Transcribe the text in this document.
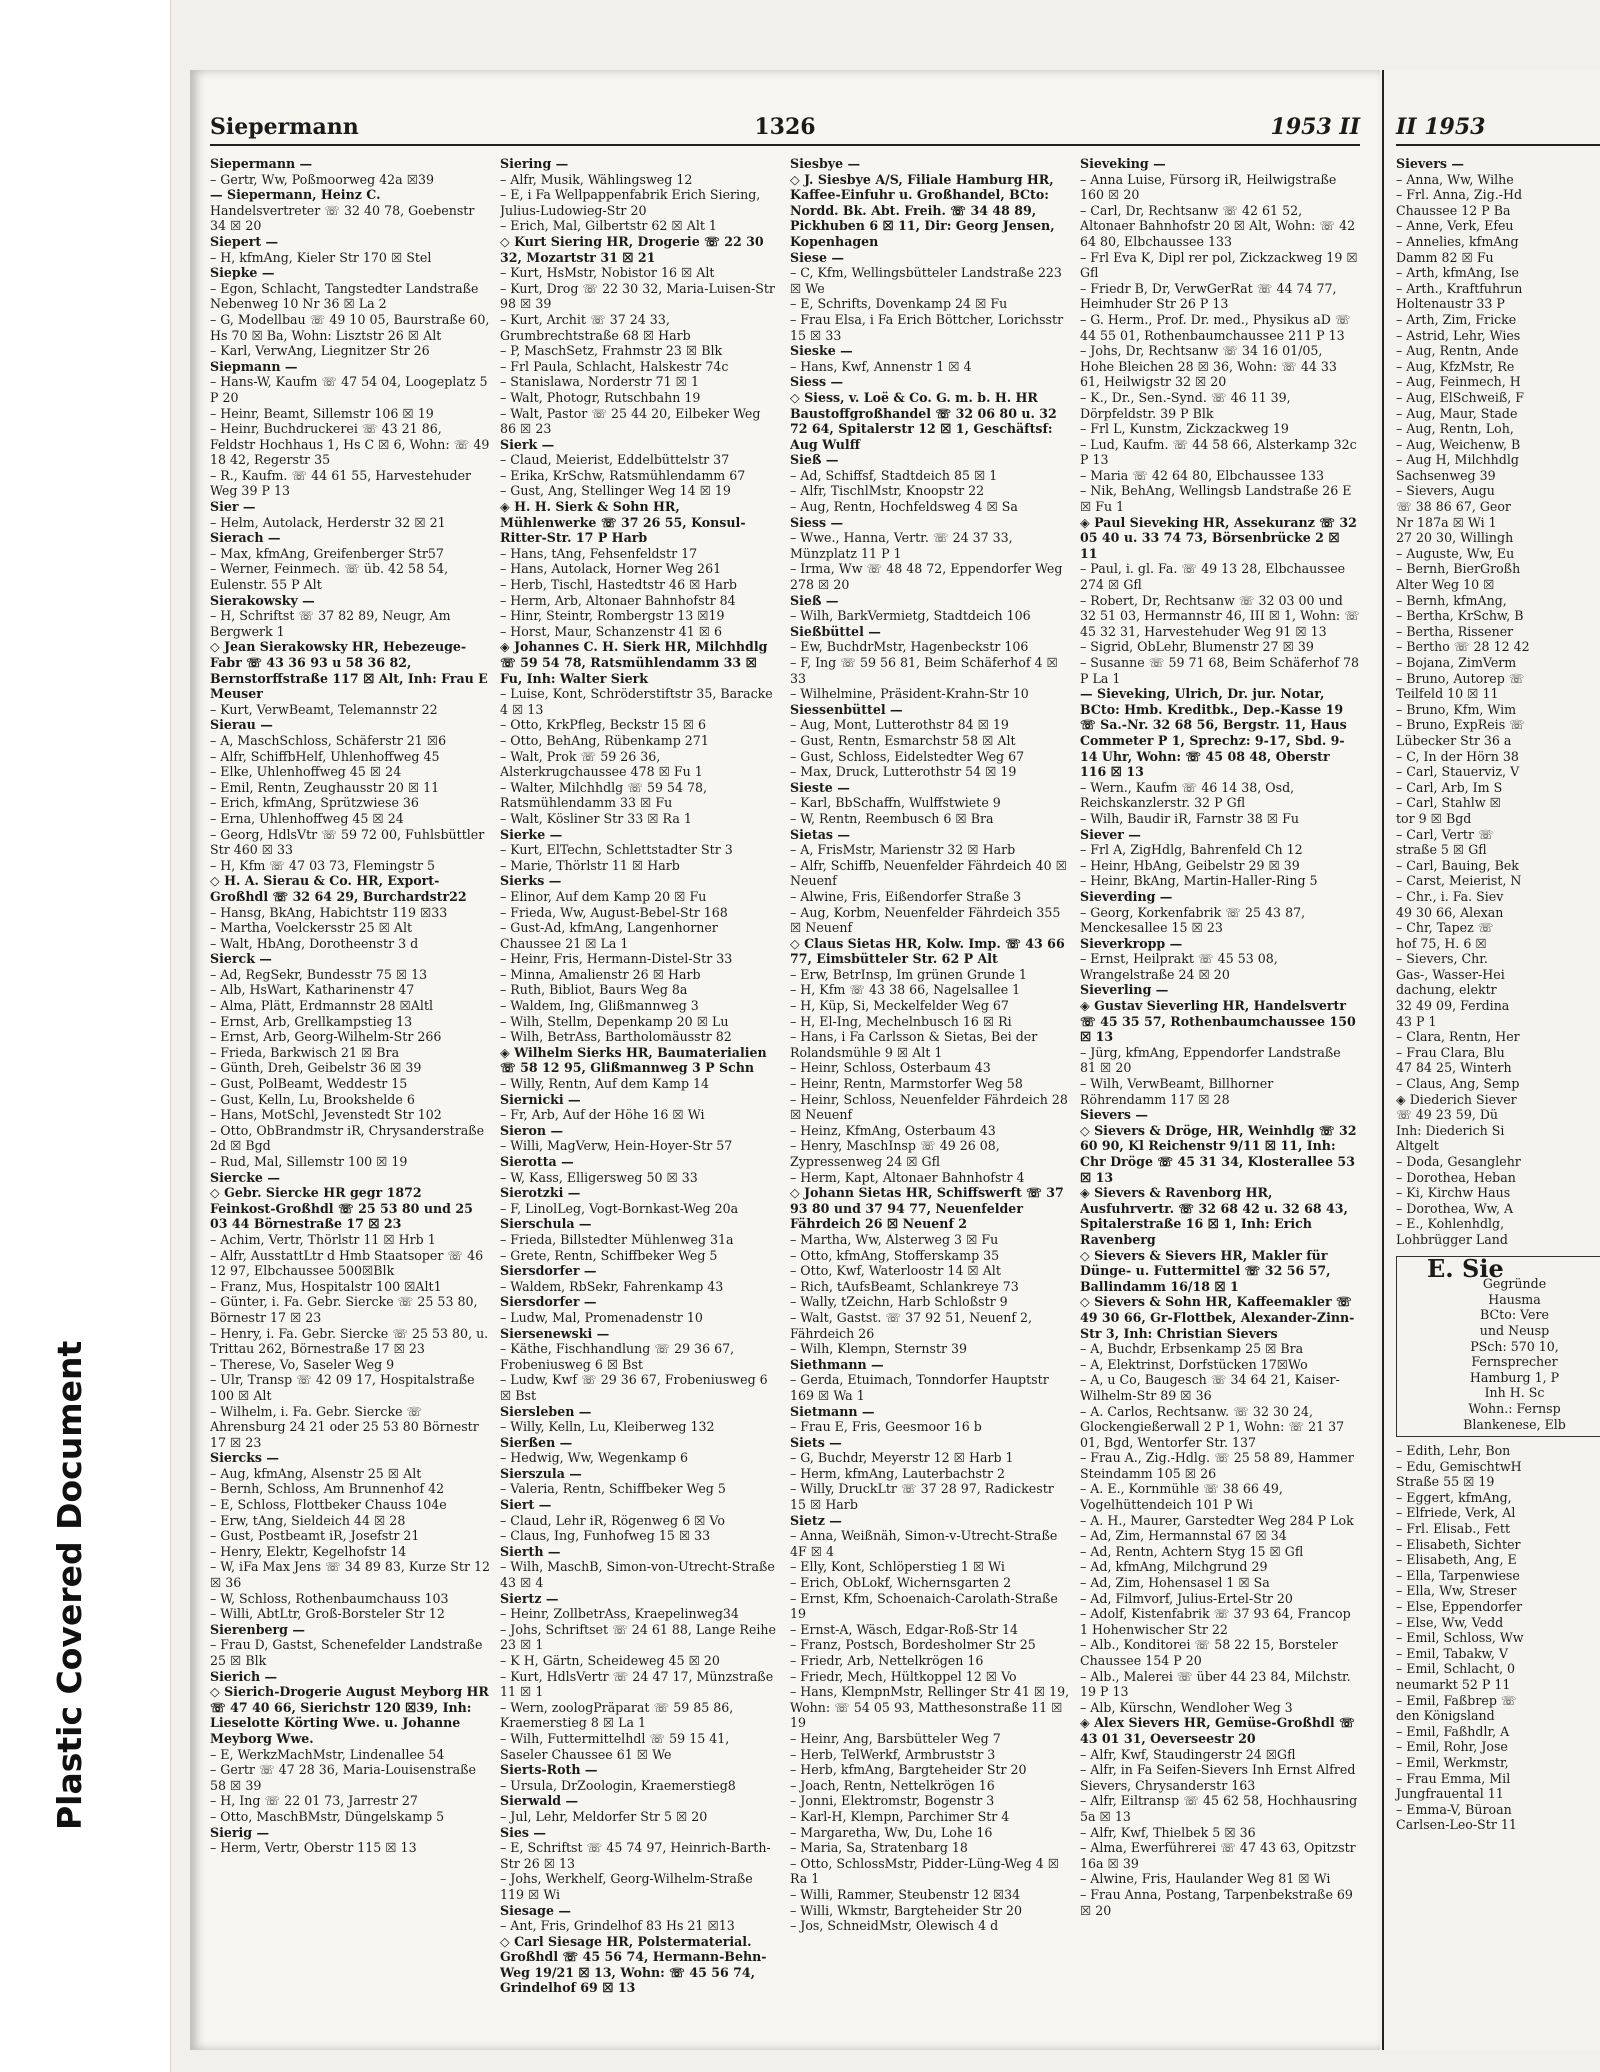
Plastic Covered Document
Siepermann	1326	1953 II

Siepermann —

– Gertr, Ww, Poßmoorweg 42a ☒39

— Siepermann, Heinz C.

Handelsvertreter ☏ 32 40 78, Goebenstr 34 ☒ 20

Siepert —

– H, kfmAng, Kieler Str 170 ☒ Stel

Siepke —

– Egon, Schlacht, Tangstedter Landstraße Nebenweg 10 Nr 36 ☒ La 2

– G, Modellbau ☏ 49 10 05, Baurstraße 60, Hs 70 ☒ Ba, Wohn: Lisztstr 26 ☒ Alt

– Karl, VerwAng, Liegnitzer Str 26

Siepmann —

– Hans-W, Kaufm ☏ 47 54 04, Loogeplatz 5 P 20

– Heinr, Beamt, Sillemstr 106 ☒ 19

– Heinr, Buchdruckerei ☏ 43 21 86, Feldstr Hochhaus 1, Hs C ☒ 6, Wohn: ☏ 49 18 42, Regerstr 35

– R., Kaufm. ☏ 44 61 55, Harvestehuder Weg 39 P 13

Sier —

– Helm, Autolack, Herderstr 32 ☒ 21

Sierach —

– Max, kfmAng, Greifenberger Str57

– Werner, Feinmech. ☏ üb. 42 58 54, Eulenstr. 55 P Alt

Sierakowsky —

– H, Schriftst ☏ 37 82 89, Neugr, Am Bergwerk 1

◇ Jean Sierakowsky HR, Hebezeuge-Fabr ☏ 43 36 93 u 58 36 82, Bernstorffstraße 117 ☒ Alt, Inh: Frau E Meuser

– Kurt, VerwBeamt, Telemannstr 22

Sierau —

– A, MaschSchloss, Schäferstr 21 ☒6

– Alfr, SchiffbHelf, Uhlenhoffweg 45

– Elke, Uhlenhoffweg 45 ☒ 24

– Emil, Rentn, Zeughausstr 20 ☒ 11

– Erich, kfmAng, Sprützwiese 36

– Erna, Uhlenhoffweg 45 ☒ 24

– Georg, HdlsVtr ☏ 59 72 00, Fuhlsbüttler Str 460 ☒ 33

– H, Kfm ☏ 47 03 73, Flemingstr 5

◇ H. A. Sierau & Co. HR, Export-Großhdl ☏ 32 64 29, Burchardstr22

– Hansg, BkAng, Habichtstr 119 ☒33

– Martha, Voelckersstr 25 ☒ Alt

– Walt, HbAng, Dorotheenstr 3 d

Sierck —

– Ad, RegSekr, Bundesstr 75 ☒ 13

– Alb, HsWart, Katharinenstr 47

– Alma, Plätt, Erdmannstr 28 ☒Altl

– Ernst, Arb, Grellkampstieg 13

– Ernst, Arb, Georg-Wilhelm-Str 266

– Frieda, Barkwisch 21 ☒ Bra

– Günth, Dreh, Geibelstr 36 ☒ 39

– Gust, PolBeamt, Weddestr 15

– Gust, Kelln, Lu, Brookshelde 6

– Hans, MotSchl, Jevenstedt Str 102

– Otto, ObBrandmstr iR, Chrysanderstraße 2d ☒ Bgd

– Rud, Mal, Sillemstr 100 ☒ 19

Siercke —

◇ Gebr. Siercke HR gegr 1872 Feinkost-Großhdl ☏ 25 53 80 und 25 03 44 Börnestraße 17 ☒ 23

– Achim, Vertr, Thörlstr 11 ☒ Hrb 1

– Alfr, AusstattLtr d Hmb Staatsoper ☏ 46 12 97, Elbchaussee 500☒Blk

– Franz, Mus, Hospitalstr 100 ☒Alt1

– Günter, i. Fa. Gebr. Siercke ☏ 25 53 80, Börnestr 17 ☒ 23

– Henry, i. Fa. Gebr. Siercke ☏ 25 53 80, u. Trittau 262, Börnestraße 17 ☒ 23

– Therese, Vo, Saseler Weg 9

– Ulr, Transp ☏ 42 09 17, Hospitalstraße 100 ☒ Alt

– Wilhelm, i. Fa. Gebr. Siercke ☏ Ahrensburg 24 21 oder 25 53 80 Börnestr 17 ☒ 23

Siercks —

– Aug, kfmAng, Alsenstr 25 ☒ Alt

– Bernh, Schloss, Am Brunnenhof 42

– E, Schloss, Flottbeker Chauss 104e

– Erw, tAng, Sieldeich 44 ☒ 28

– Gust, Postbeamt iR, Josefstr 21

– Henry, Elektr, Kegelhofstr 14

– W, iFa Max Jens ☏ 34 89 83, Kurze Str 12 ☒ 36

– W, Schloss, Rothenbaumchauss 103

– Willi, AbtLtr, Groß-Borsteler Str 12

Sierenberg —

– Frau D, Gastst, Schenefelder Landstraße 25 ☒ Blk

Sierich —

◇ Sierich-Drogerie August Meyborg HR ☏ 47 40 66, Sierichstr 120 ☒39, Inh: Lieselotte Körting Wwe. u. Johanne Meyborg Wwe.

– E, WerkzMachMstr, Lindenallee 54

– Gertr ☏ 47 28 36, Maria-Louisenstraße 58 ☒ 39

– H, Ing ☏ 22 01 73, Jarrestr 27

– Otto, MaschBMstr, Düngelskamp 5

Sierig —

– Herm, Vertr, Oberstr 115 ☒ 13

Siering —

– Alfr, Musik, Wählingsweg 12

– E, i Fa Wellpappenfabrik Erich Siering, Julius-Ludowieg-Str 20

– Erich, Mal, Gilbertstr 62 ☒ Alt 1

◇ Kurt Siering HR, Drogerie ☏ 22 30 32, Mozartstr 31 ☒ 21

– Kurt, HsMstr, Nobistor 16 ☒ Alt

– Kurt, Drog ☏ 22 30 32, Maria-Luisen-Str 98 ☒ 39

– Kurt, Archit ☏ 37 24 33, Grumbrechtstraße 68 ☒ Harb

– P, MaschSetz, Frahmstr 23 ☒ Blk

– Frl Paula, Schlacht, Halskestr 74c

– Stanislawa, Norderstr 71 ☒ 1

– Walt, Photogr, Rutschbahn 19

– Walt, Pastor ☏ 25 44 20, Eilbeker Weg 86 ☒ 23

Sierk —

– Claud, Meierist, Eddelbüttelstr 37

– Erika, KrSchw, Ratsmühlendamm 67

– Gust, Ang, Stellinger Weg 14 ☒ 19

◈ H. H. Sierk & Sohn HR, Mühlenwerke ☏ 37 26 55, Konsul-Ritter-Str. 17 P Harb

– Hans, tAng, Fehsenfeldstr 17

– Hans, Autolack, Horner Weg 261

– Herb, Tischl, Hastedtstr 46 ☒ Harb

– Herm, Arb, Altonaer Bahnhofstr 84

– Hinr, Steintr, Rombergstr 13 ☒19

– Horst, Maur, Schanzenstr 41 ☒ 6

◈ Johannes C. H. Sierk HR, Milchhdlg ☏ 59 54 78, Ratsmühlendamm 33 ☒ Fu, Inh: Walter Sierk

– Luise, Kont, Schröderstiftstr 35, Baracke 4 ☒ 13

– Otto, KrkPfleg, Beckstr 15 ☒ 6

– Otto, BehAng, Rübenkamp 271

– Walt, Prok ☏ 59 26 36, Alsterkrugchaussee 478 ☒ Fu 1

– Walter, Milchhdlg ☏ 59 54 78, Ratsmühlendamm 33 ☒ Fu

– Walt, Kösliner Str 33 ☒ Ra 1

Sierke —

– Kurt, ElTechn, Schlettstadter Str 3

– Marie, Thörlstr 11 ☒ Harb

Sierks —

– Elinor, Auf dem Kamp 20 ☒ Fu

– Frieda, Ww, August-Bebel-Str 168

– Gust-Ad, kfmAng, Langenhorner Chaussee 21 ☒ La 1

– Heinr, Fris, Hermann-Distel-Str 33

– Minna, Amalienstr 26 ☒ Harb

– Ruth, Bibliot, Baurs Weg 8a

– Waldem, Ing, Glißmannweg 3

– Wilh, Stellm, Depenkamp 20 ☒ Lu

– Wilh, BetrAss, Bartholomäusstr 82

◈ Wilhelm Sierks HR, Baumaterialien ☏ 58 12 95, Glißmannweg 3 P Schn

– Willy, Rentn, Auf dem Kamp 14

Siernicki —

– Fr, Arb, Auf der Höhe 16 ☒ Wi

Sieron —

– Willi, MagVerw, Hein-Hoyer-Str 57

Sierotta —

– W, Kass, Elligersweg 50 ☒ 33

Sierotzki —

– F, LinolLeg, Vogt-Bornkast-Weg 20a

Sierschula —

– Frieda, Billstedter Mühlenweg 31a

– Grete, Rentn, Schiffbeker Weg 5

Siersdorfer —

– Waldem, RbSekr, Fahrenkamp 43

Siersdorfer —

– Ludw, Mal, Promenadenstr 10

Siersenewski —

– Käthe, Fischhandlung ☏ 29 36 67, Frobeniusweg 6 ☒ Bst

– Ludw, Kwf ☏ 29 36 67, Frobeniusweg 6 ☒ Bst

Siersleben —

– Willy, Kelln, Lu, Kleiberweg 132

Sierßen —

– Hedwig, Ww, Wegenkamp 6

Sierszula —

– Valeria, Rentn, Schiffbeker Weg 5

Siert —

– Claud, Lehr iR, Rögenweg 6 ☒ Vo

– Claus, Ing, Funhofweg 15 ☒ 33

Sierth —

– Wilh, MaschB, Simon-von-Utrecht-Straße 43 ☒ 4

Siertz —

– Heinr, ZollbetrAss, Kraepelinweg34

– Johs, Schriftset ☏ 24 61 88, Lange Reihe 23 ☒ 1

– K H, Gärtn, Scheideweg 45 ☒ 20

– Kurt, HdlsVertr ☏ 24 47 17, Münzstraße 11 ☒ 1

– Wern, zoologPräparat ☏ 59 85 86, Kraemerstieg 8 ☒ La 1

– Wilh, Futtermittelhdl ☏ 59 15 41, Saseler Chaussee 61 ☒ We

Sierts-Roth —

– Ursula, DrZoologin, Kraemerstieg8

Sierwald —

– Jul, Lehr, Meldorfer Str 5 ☒ 20

Sies —

– E, Schriftst ☏ 45 74 97, Heinrich-Barth-Str 26 ☒ 13

– Johs, Werkhelf, Georg-Wilhelm-Straße 119 ☒ Wi

Siesage —

– Ant, Fris, Grindelhof 83 Hs 21 ☒13

◇ Carl Siesage HR, Polstermaterial. Großhdl ☏ 45 56 74, Hermann-Behn-Weg 19/21 ☒ 13, Wohn: ☏ 45 56 74, Grindelhof 69 ☒ 13

Siesbye —

◇ J. Siesbye A/S, Filiale Hamburg HR, Kaffee-Einfuhr u. Großhandel, BCto: Nordd. Bk. Abt. Freih. ☏ 34 48 89, Pickhuben 6 ☒ 11, Dir: Georg Jensen, Kopenhagen

Siese —

– C, Kfm, Wellingsbütteler Landstraße 223 ☒ We

– E, Schrifts, Dovenkamp 24 ☒ Fu

– Frau Elsa, i Fa Erich Böttcher, Lorichsstr 15 ☒ 33

Sieske —

– Hans, Kwf, Annenstr 1 ☒ 4

Siess —

◇ Siess, v. Loë & Co. G. m. b. H. HR Baustoffgroßhandel ☏ 32 06 80 u. 32 72 64, Spitalerstr 12 ☒ 1, Geschäftsf: Aug Wulff

Sieß —

– Ad, Schiffsf, Stadtdeich 85 ☒ 1

– Alfr, TischlMstr, Knoopstr 22

– Aug, Rentn, Hochfeldsweg 4 ☒ Sa

Siess —

– Wwe., Hanna, Vertr. ☏ 24 37 33, Münzplatz 11 P 1

– Irma, Ww ☏ 48 48 72, Eppendorfer Weg 278 ☒ 20

Sieß —

– Wilh, BarkVermietg, Stadtdeich 106

Sießbüttel —

– Ew, BuchdrMstr, Hagenbeckstr 106

– F, Ing ☏ 59 56 81, Beim Schäferhof 4 ☒ 33

– Wilhelmine, Präsident-Krahn-Str 10

Siessenbüttel —

– Aug, Mont, Lutterothstr 84 ☒ 19

– Gust, Rentn, Esmarchstr 58 ☒ Alt

– Gust, Schloss, Eidelstedter Weg 67

– Max, Druck, Lutterothstr 54 ☒ 19

Sieste —

– Karl, BbSchaffn, Wulffstwiete 9

– W, Rentn, Reembusch 6 ☒ Bra

Sietas —

– A, FrisMstr, Marienstr 32 ☒ Harb

– Alfr, Schiffb, Neuenfelder Fährdeich 40 ☒ Neuenf

– Alwine, Fris, Eißendorfer Straße 3

– Aug, Korbm, Neuenfelder Fährdeich 355 ☒ Neuenf

◇ Claus Sietas HR, Kolw. Imp. ☏ 43 66 77, Eimsbütteler Str. 62 P Alt

– Erw, BetrInsp, Im grünen Grunde 1

– H, Kfm ☏ 43 38 66, Nagelsallee 1

– H, Küp, Si, Meckelfelder Weg 67

– H, El-Ing, Mechelnbusch 16 ☒ Ri

– Hans, i Fa Carlsson & Sietas, Bei der Rolandsmühle 9 ☒ Alt 1

– Heinr, Schloss, Osterbaum 43

– Heinr, Rentn, Marmstorfer Weg 58

– Heinr, Schloss, Neuenfelder Fährdeich 28 ☒ Neuenf

– Heinz, KfmAng, Osterbaum 43

– Henry, MaschInsp ☏ 49 26 08, Zypressenweg 24 ☒ Gfl

– Herm, Kapt, Altonaer Bahnhofstr 4

◇ Johann Sietas HR, Schiffswerft ☏ 37 93 80 und 37 94 77, Neuenfelder Fährdeich 26 ☒ Neuenf 2

– Martha, Ww, Alsterweg 3 ☒ Fu

– Otto, kfmAng, Stofferskamp 35

– Otto, Kwf, Waterloostr 14 ☒ Alt

– Rich, tAufsBeamt, Schlankreye 73

– Wally, tZeichn, Harb Schloßstr 9

– Walt, Gastst. ☏ 37 92 51, Neuenf 2, Fährdeich 26

– Wilh, Klempn, Sternstr 39

Siethmann —

– Gerda, Etuimach, Tonndorfer Hauptstr 169 ☒ Wa 1

Sietmann —

– Frau E, Fris, Geesmoor 16 b

Siets —

– G, Buchdr, Meyerstr 12 ☒ Harb 1

– Herm, kfmAng, Lauterbachstr 2

– Willy, DruckLtr ☏ 37 28 97, Radickestr 15 ☒ Harb

Sietz —

– Anna, Weißnäh, Simon-v-Utrecht-Straße 4F ☒ 4

– Elly, Kont, Schlöperstieg 1 ☒ Wi

– Erich, ObLokf, Wichernsgarten 2

– Ernst, Kfm, Schoenaich-Carolath-Straße 19

– Ernst-A, Wäsch, Edgar-Roß-Str 14

– Franz, Postsch, Bordesholmer Str 25

– Friedr, Arb, Nettelkrögen 16

– Friedr, Mech, Hültkoppel 12 ☒ Vo

– Hans, KlempnMstr, Rellinger Str 41 ☒ 19, Wohn: ☏ 54 05 93, Matthesonstraße 11 ☒ 19

– Heinr, Ang, Barsbütteler Weg 7

– Herb, TelWerkf, Armbruststr 3

– Herb, kfmAng, Bargteheider Str 20

– Joach, Rentn, Nettelkrögen 16

– Jonni, Elektromstr, Bogenstr 3

– Karl-H, Klempn, Parchimer Str 4

– Margaretha, Ww, Du, Lohe 16

– Maria, Sa, Stratenbarg 18

– Otto, SchlossMstr, Pidder-Lüng-Weg 4 ☒ Ra 1

– Willi, Rammer, Steubenstr 12 ☒34

– Willi, Wkmstr, Bargteheider Str 20

– Jos, SchneidMstr, Olewisch 4 d

Sieveking —

– Anna Luise, Fürsorg iR, Heilwigstraße 160 ☒ 20

– Carl, Dr, Rechtsanw ☏ 42 61 52, Altonaer Bahnhofstr 20 ☒ Alt, Wohn: ☏ 42 64 80, Elbchaussee 133

– Frl Eva K, Dipl rer pol, Zickzackweg 19 ☒ Gfl

– Friedr B, Dr, VerwGerRat ☏ 44 74 77, Heimhuder Str 26 P 13

– G. Herm., Prof. Dr. med., Physikus aD ☏ 44 55 01, Rothenbaumchaussee 211 P 13

– Johs, Dr, Rechtsanw ☏ 34 16 01/05, Hohe Bleichen 28 ☒ 36, Wohn: ☏ 44 33 61, Heilwigstr 32 ☒ 20

– K., Dr., Sen.-Synd. ☏ 46 11 39, Dörpfeldstr. 39 P Blk

– Frl L, Kunstm, Zickzackweg 19

– Lud, Kaufm. ☏ 44 58 66, Alsterkamp 32c P 13

– Maria ☏ 42 64 80, Elbchaussee 133

– Nik, BehAng, Wellingsb Landstraße 26 E ☒ Fu 1

◈ Paul Sieveking HR, Assekuranz ☏ 32 05 40 u. 33 74 73, Börsenbrücke 2 ☒ 11

– Paul, i. gl. Fa. ☏ 49 13 28, Elbchaussee 274 ☒ Gfl

– Robert, Dr, Rechtsanw ☏ 32 03 00 und 32 51 03, Hermannstr 46, III ☒ 1, Wohn: ☏ 45 32 31, Harvestehuder Weg 91 ☒ 13

– Sigrid, ObLehr, Blumenstr 27 ☒ 39

– Susanne ☏ 59 71 68, Beim Schäferhof 78 P La 1

— Sieveking, Ulrich, Dr. jur. Notar, BCto: Hmb. Kreditbk., Dep.-Kasse 19 ☏ Sa.-Nr. 32 68 56, Bergstr. 11, Haus Commeter P 1, Sprechz: 9-17, Sbd. 9-14 Uhr, Wohn: ☏ 45 08 48, Oberstr 116 ☒ 13

– Wern., Kaufm ☏ 46 14 38, Osd, Reichskanzlerstr. 32 P Gfl

– Wilh, Baudir iR, Farnstr 38 ☒ Fu

Siever —

– Frl A, ZigHdlg, Bahrenfeld Ch 12

– Heinr, HbAng, Geibelstr 29 ☒ 39

– Heinr, BkAng, Martin-Haller-Ring 5

Sieverding —

– Georg, Korkenfabrik ☏ 25 43 87, Menckesallee 15 ☒ 23

Sieverkropp —

– Ernst, Heilprakt ☏ 45 53 08, Wrangelstraße 24 ☒ 20

Sieverling —

◈ Gustav Sieverling HR, Handelsvertr ☏ 45 35 57, Rothenbaumchaussee 150 ☒ 13

– Jürg, kfmAng, Eppendorfer Landstraße 81 ☒ 20

– Wilh, VerwBeamt, Billhorner Röhrendamm 117 ☒ 28

Sievers —

◇ Sievers & Dröge, HR, Weinhdlg ☏ 32 60 90, Kl Reichenstr 9/11 ☒ 11, Inh: Chr Dröge ☏ 45 31 34, Klosterallee 53 ☒ 13

◈ Sievers & Ravenborg HR, Ausfuhrvertr. ☏ 32 68 42 u. 32 68 43, Spitalerstraße 16 ☒ 1, Inh: Erich Ravenberg

◇ Sievers & Sievers HR, Makler für Dünge- u. Futtermittel ☏ 32 56 57, Ballindamm 16/18 ☒ 1

◇ Sievers & Sohn HR, Kaffeemakler ☏ 49 30 66, Gr-Flottbek, Alexander-Zinn-Str 3, Inh: Christian Sievers

– A, Buchdr, Erbsenkamp 25 ☒ Bra

– A, Elektrinst, Dorfstücken 17☒Wo

– A, u Co, Baugesch ☏ 34 64 21, Kaiser-Wilhelm-Str 89 ☒ 36

– A. Carlos, Rechtsanw. ☏ 32 30 24, Glockengießerwall 2 P 1, Wohn: ☏ 21 37 01, Bgd, Wentorfer Str. 137

– Frau A., Zig.-Hdlg. ☏ 25 58 89, Hammer Steindamm 105 ☒ 26

– A. E., Kornmühle ☏ 38 66 49, Vogelhüttendeich 101 P Wi

– A. H., Maurer, Garstedter Weg 284 P Lok

– Ad, Zim, Hermannstal 67 ☒ 34

– Ad, Rentn, Achtern Styg 15 ☒ Gfl

– Ad, kfmAng, Milchgrund 29

– Ad, Zim, Hohensasel 1 ☒ Sa

– Ad, Filmvorf, Julius-Ertel-Str 20

– Adolf, Kistenfabrik ☏ 37 93 64, Francop 1 Hohenwischer Str 22

– Alb., Konditorei ☏ 58 22 15, Borsteler Chaussee 154 P 20

– Alb., Malerei ☏ über 44 23 84, Milchstr. 19 P 13

– Alb, Kürschn, Wendloher Weg 3

◈ Alex Sievers HR, Gemüse-Großhdl ☏ 43 01 31, Oeverseestr 20

– Alfr, Kwf, Staudingerstr 24 ☒Gfl

– Alfr, in Fa Seifen-Sievers Inh Ernst Alfred Sievers, Chrysanderstr 163

– Alfr, Eiltransp ☏ 45 62 58, Hochhausring 5a ☒ 13

– Alfr, Kwf, Thielbek 5 ☒ 36

– Alma, Ewerführerei ☏ 47 43 63, Opitzstr 16a ☒ 39

– Alwine, Fris, Haulander Weg 81 ☒ Wi

– Frau Anna, Postang, Tarpenbekstraße 69 ☒ 20

II 1953

Sievers —

– Anna, Ww, Wilhe

– Frl. Anna, Zig.-Hd

Chaussee 12 P Ba

– Anne, Verk, Efeu

– Annelies, kfmAng

Damm 82 ☒ Fu

– Arth, kfmAng, Ise

– Arth., Kraftfuhrun

Holtenaustr 33 P

– Arth, Zim, Fricke

– Astrid, Lehr, Wies

– Aug, Rentn, Ande

– Aug, KfzMstr, Re

– Aug, Feinmech, H

– Aug, ElSchweiß, F

– Aug, Maur, Stade

– Aug, Rentn, Loh,

– Aug, Weichenw, B

– Aug H, Milchhdlg

Sachsenweg 39

– Sievers, Augu

☏ 38 86 67, Geor

Nr 187a ☒ Wi 1

27 20 30, Willingh

– Auguste, Ww, Eu

– Bernh, BierGroßh

Alter Weg 10 ☒

– Bernh, kfmAng,

– Bertha, KrSchw, B

– Bertha, Rissener

– Bertho ☏ 28 12 42

– Bojana, ZimVerm

– Bruno, Autorep ☏

Teilfeld 10 ☒ 11

– Bruno, Kfm, Wim

– Bruno, ExpReis ☏

Lübecker Str 36 a

– C, In der Hörn 38

– Carl, Stauerviz, V

– Carl, Arb, Im S

– Carl, Stahlw ☒

tor 9 ☒ Bgd

– Carl, Vertr ☏

straße 5 ☒ Gfl

– Carl, Bauing, Bek

– Carst, Meierist, N

– Chr., i. Fa. Siev

49 30 66, Alexan

– Chr, Tapez ☏

hof 75, H. 6 ☒

– Sievers, Chr.

Gas-, Wasser-Hei

dachung, elektr

32 49 09, Ferdina

43 P 1

– Clara, Rentn, Her

– Frau Clara, Blu

47 84 25, Winterh

– Claus, Ang, Semp

◈ Diederich Siever

☏ 49 23 59, Dü

Inh: Diederich Si

Altgelt

– Doda, Gesanglehr

– Dorothea, Heban

– Ki, Kirchw Haus

– Dorothea, Ww, A

– E., Kohlenhdlg,

Lohbrügger Land

E. Sie

Gegründe

Hausma

BCto: Vere

und Neusp

PSch: 570 10,

Fernsprecher

Hamburg 1, P

Inh H. Sc

Wohn.: Fernsp

Blankenese, Elb

– Edith, Lehr, Bon

– Edu, GemischtwH

Straße 55 ☒ 19

– Eggert, kfmAng,

– Elfriede, Verk, Al

– Frl. Elisab., Fett

– Elisabeth, Sichter

– Elisabeth, Ang, E

– Ella, Tarpenwiese

– Ella, Ww, Streser

– Else, Eppendorfer

– Else, Ww, Vedd

– Emil, Schloss, Ww

– Emil, Tabakw, V

– Emil, Schlacht, 0

neumarkt 52 P 11

– Emil, Faßbrep ☏

den Königsland

– Emil, Faßhdlr, A

– Emil, Rohr, Jose

– Emil, Werkmstr,

– Frau Emma, Mil

Jungfrauental 11

– Emma-V, Büroan

Carlsen-Leo-Str 11
